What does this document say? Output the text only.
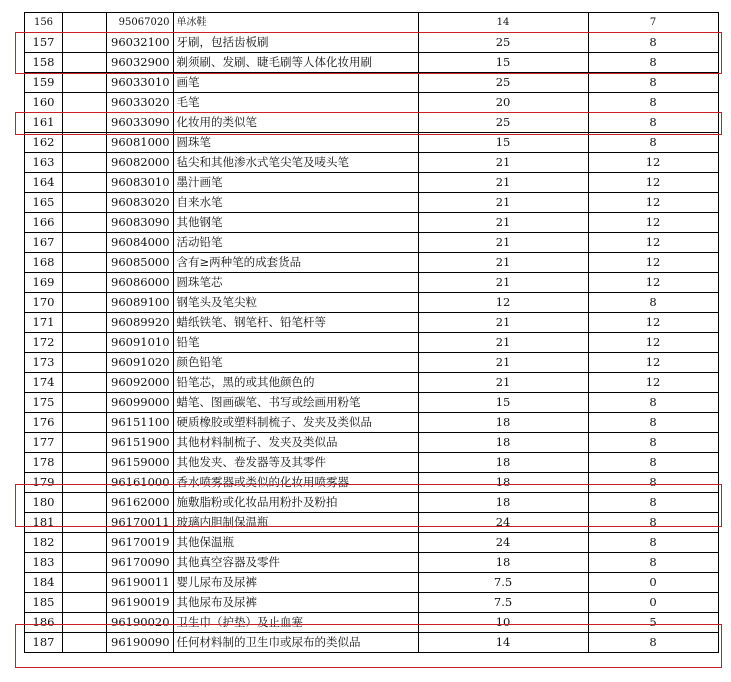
156		95067020	单冰鞋	14	7
157		96032100	牙刷，包括齿板刷	25	8
158		96032900	剃须刷、发刷、睫毛刷等人体化妆用刷	15	8
159		96033010	画笔	25	8
160		96033020	毛笔	20	8
161		96033090	化妆用的类似笔	25	8
162		96081000	圆珠笔	15	8
163		96082000	毡尖和其他渗水式笔尖笔及唛头笔	21	12
164		96083010	墨汁画笔	21	12
165		96083020	自来水笔	21	12
166		96083090	其他钢笔	21	12
167		96084000	活动铅笔	21	12
168		96085000	含有≥两种笔的成套货品	21	12
169		96086000	圆珠笔芯	21	12
170		96089100	钢笔头及笔尖粒	12	8
171		96089920	蜡纸铁笔、钢笔杆、铅笔杆等	21	12
172		96091010	铅笔	21	12
173		96091020	颜色铅笔	21	12
174		96092000	铅笔芯，黑的或其他颜色的	21	12
175		96099000	蜡笔、图画碳笔、书写或绘画用粉笔	15	8
176		96151100	硬质橡胶或塑料制梳子、发夹及类似品	18	8
177		96151900	其他材料制梳子、发夹及类似品	18	8
178		96159000	其他发夹、卷发器等及其零件	18	8
179		96161000	香水喷雾器或类似的化妆用喷雾器	18	8
180		96162000	施敷脂粉或化妆品用粉扑及粉拍	18	8
181		96170011	玻璃内胆制保温瓶	24	8
182		96170019	其他保温瓶	24	8
183		96170090	其他真空容器及零件	18	8
184		96190011	婴儿尿布及尿裤	7.5	0
185		96190019	其他尿布及尿裤	7.5	0
186		96190020	卫生巾（护垫）及止血塞	10	5
187		96190090	任何材料制的卫生巾或尿布的类似品	14	8
